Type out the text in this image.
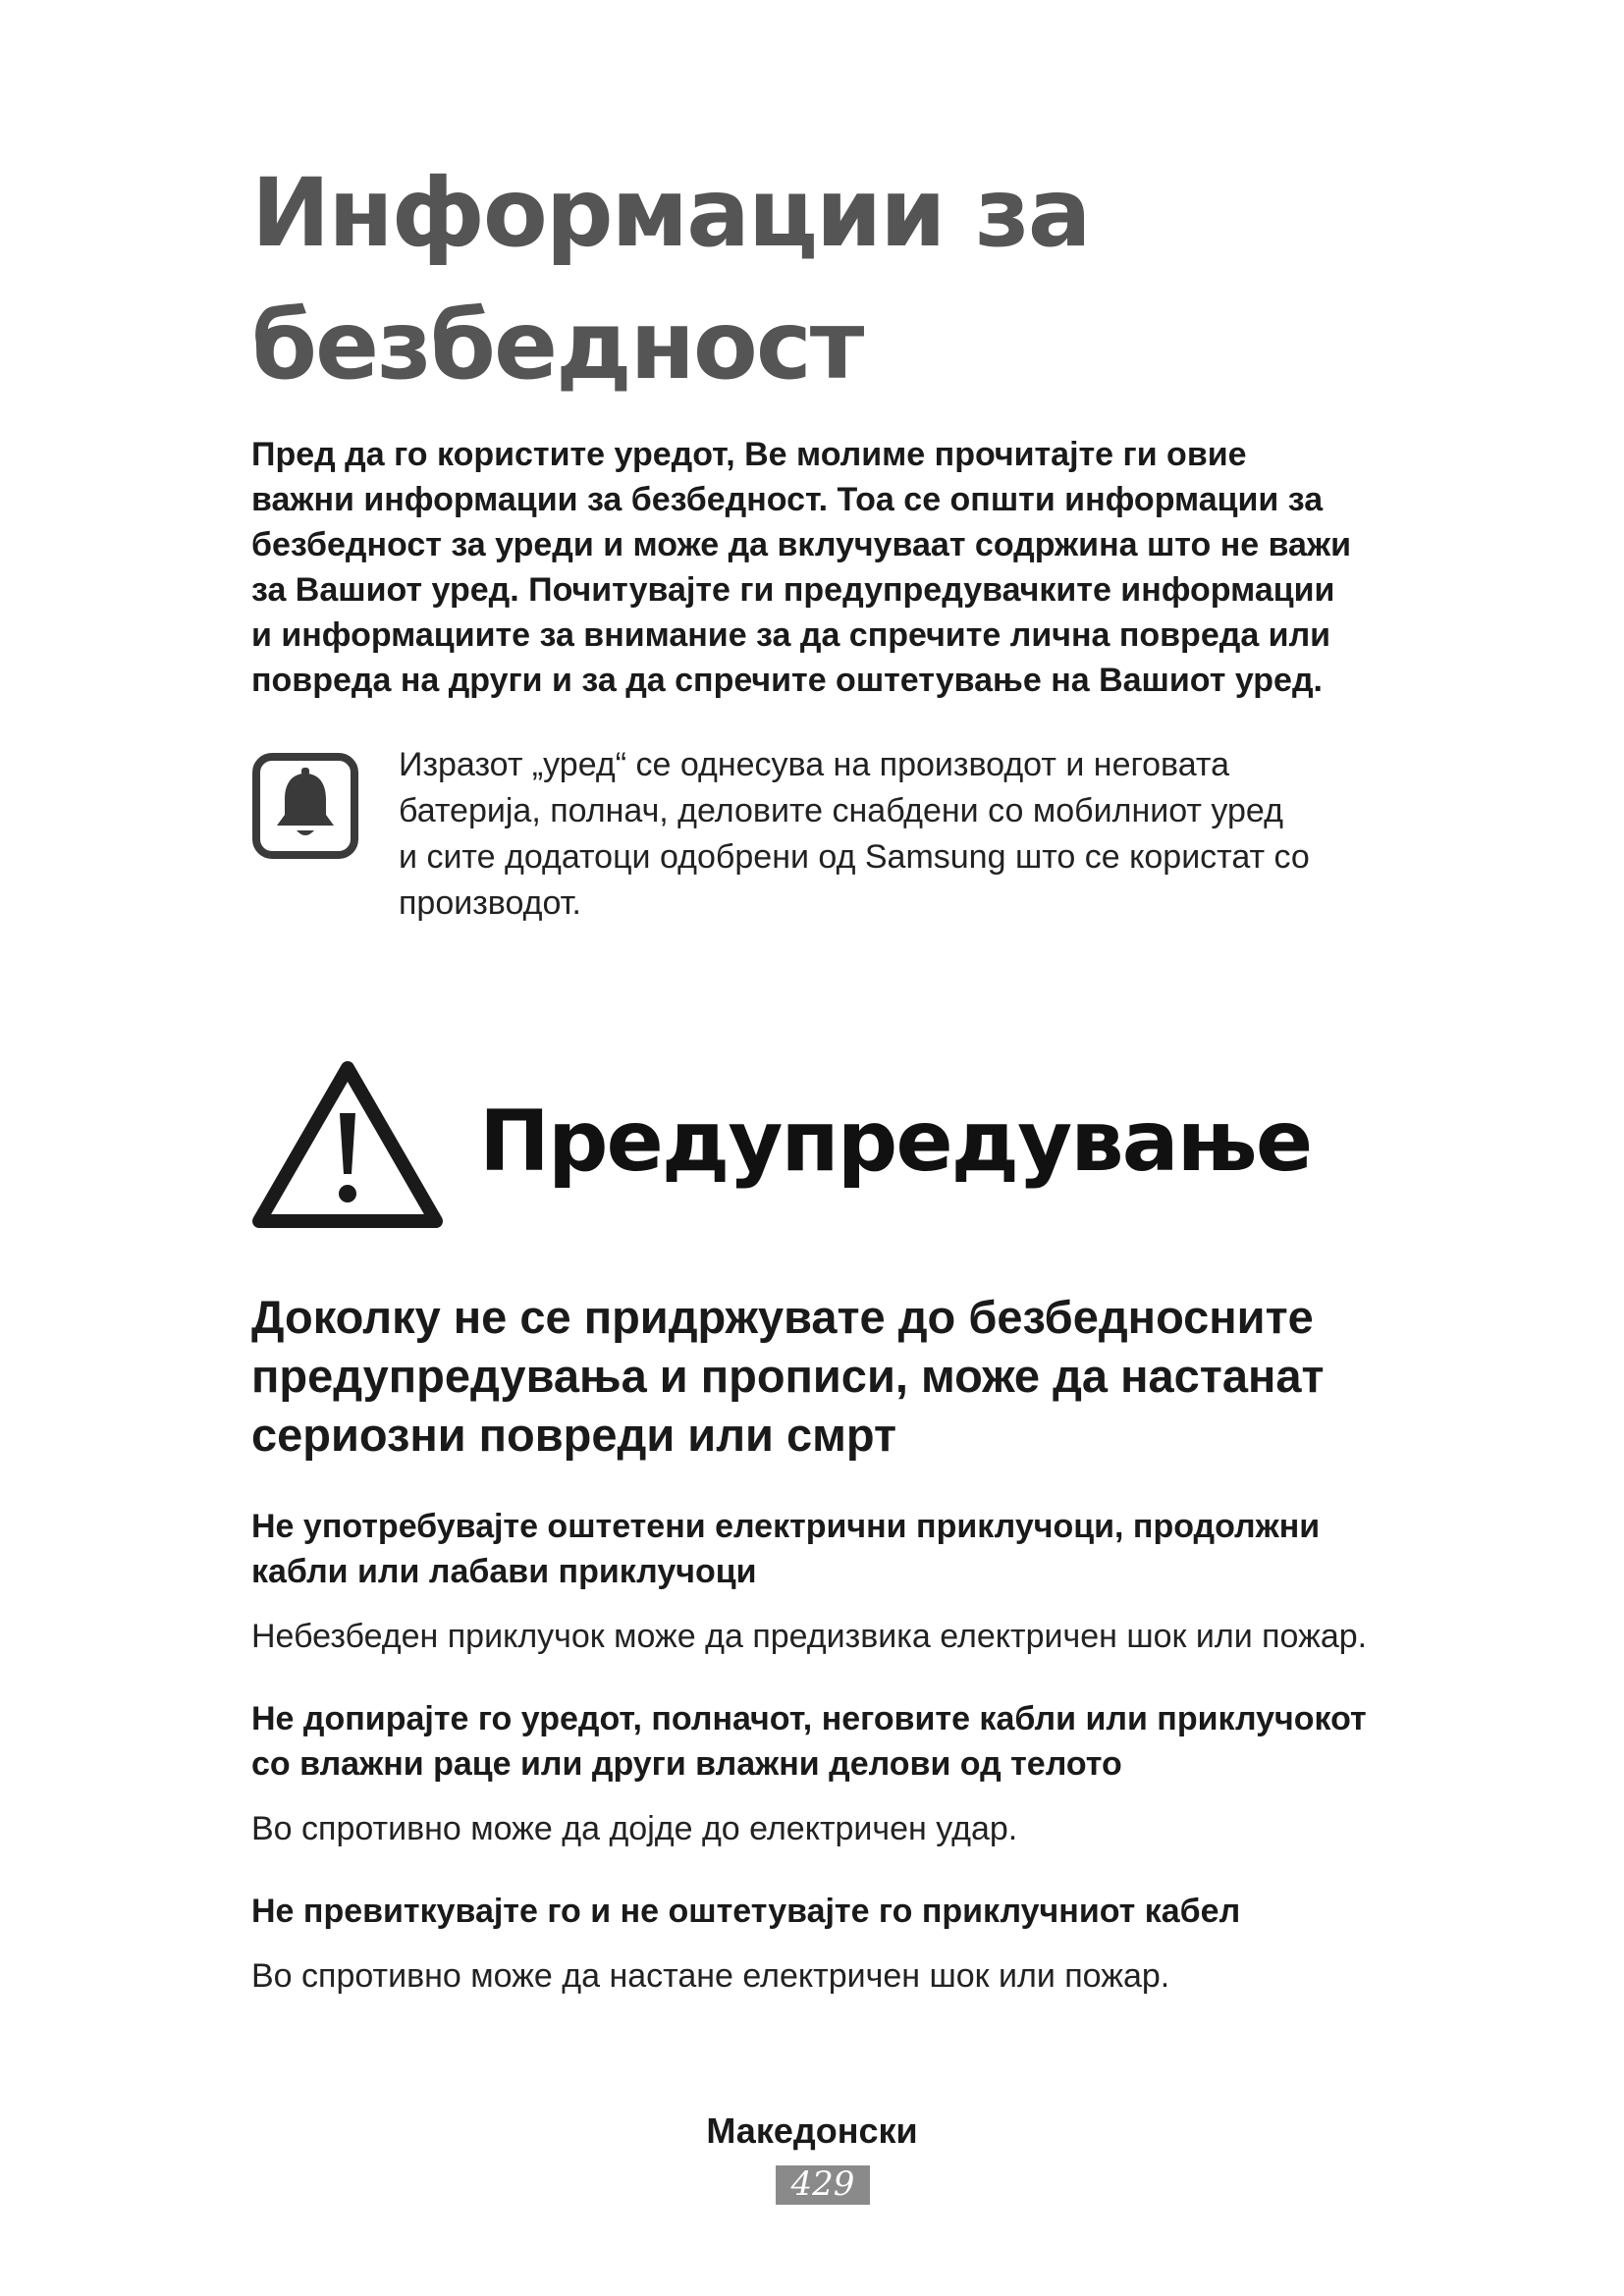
Информации за
безбедност

Пред да го користите уредот, Ве молиме прочитајте ги овие
важни информации за безбедност. Тоа се општи информации за
безбедност за уреди и може да вклучуваат содржина што не важи
за Вашиот уред. Почитувајте ги предупредувачките информации
и информациите за внимание за да спречите лична повреда или
повреда на други и за да спречите оштетување на Вашиот уред.

Изразот „уред“ се однесува на производот и неговата
батерија, полнач, деловите снабдени со мобилниот уред
и сите додатоци одобрени од Samsung што се користат со
производот.

Предупредување
Доколку не се придржувате до безбедносните
предупредувања и прописи, може да настанат
сериозни повреди или смрт
Не употребувајте оштетени електрични приклучоци, продолжни
кабли или лабави приклучоци

Небезбеден приклучок може да предизвика електричен шок или пожар.

Не допирајте го уредот, полначот, неговите кабли или приклучокот
со влажни раце или други влажни делови од телото

Во спротивно може да дојде до електричен удар.

Не превиткувајте го и не оштетувајте го приклучниот кабел

Во спротивно може да настане електричен шок или пожар.

Македонски

429
